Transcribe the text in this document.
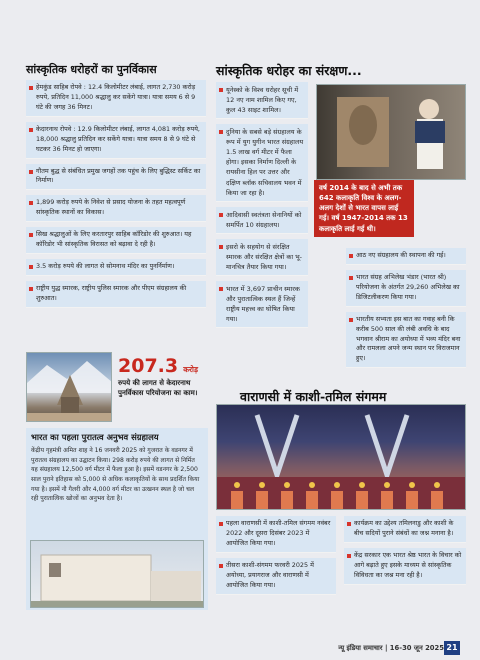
सांस्कृतिक धरोहरों का पुनर्विकास
हेमकुंड साहिब रोपवे : 12.4 किलोमीटर लंबाई, लागत 2,730 करोड़ रुपये, प्रतिदिन 11,000 श्रद्धालु कर सकेंगे यात्रा। यात्रा समय 6 से 9 घंटे की जगह 36 मिनट।
केदारनाथ रोपवे : 12.9 किलोमीटर लंबाई, लागत 4,081 करोड़ रुपये, 18,000 श्रद्धालु प्रतिदिन कर सकेंगे यात्रा। यात्रा समय 8 से 9 घंटे से घटकर 36 मिनट हो जाएगा।
गौतम बुद्ध से संबंधित प्रमुख जगहों तक पहुंच के लिए बुद्धिस्ट सर्किट का निर्माण।
1,899 करोड़ रुपये के निवेश से प्रसाद योजना के तहत महत्वपूर्ण सांस्कृतिक स्थानों का विकास।
सिख श्रद्धालुओं के लिए करतारपुर साहिब कॉरिडोर की शुरुआत। यह कॉरिडोर भी सांस्कृतिक विरासत को बढ़ावा दे रही है।
3.5 करोड़ रुपये की लागत से सोमनाथ मंदिर का पुनर्निर्माण।
राष्ट्रीय युद्ध स्मारक, राष्ट्रीय पुलिस स्मारक और पीएम संग्रहालय की शुरुआत।
207.3 करोड़
रुपये की लागत से केदारनाथ पुनर्विकास परियोजना का काम।
भारत का पहला पुरातत्व अनुभव संग्रहालय
केंद्रीय गृहमंत्री अमित शाह ने 16 जनवरी 2025 को गुजरात के वडनगर में पुरातत्व संग्रहालय का उद्घाटन किया। 298 करोड़ रुपये की लागत से निर्मित यह संग्रहालय 12,500 वर्ग मीटर में फैला हुआ है। इसमें वडनगर के 2,500 साल पुराने इतिहास को 5,000 से अधिक कलाकृतियों के साथ प्रदर्शित किया गया है। इसमें नौ गैलरी और 4,000 वर्ग मीटर का उत्खनन स्थल है जो चल रही पुरातात्विक खोजों का अनुभव देता है।
सांस्कृतिक धरोहर का संरक्षण...
यूनेस्को के विश्व धरोहर सूची में 12 नए नाम शामिल किए गए, कुल 43 साइट शामिल।
दुनिया के सबसे बड़े संग्रहालय के रूप में युग युगीन भारत संग्रहालय 1.5 लाख वर्ग मीटर में फैला होगा। इसका निर्माण दिल्ली के रायसीना हिल पर उत्तर और दक्षिण ब्लॉक सचिवालय भवन में किया जा रहा है।
आदिवासी स्वतंत्रता सेनानियों को समर्पित 10 संग्रहालय।
इसरो के सहयोग से संरक्षित स्मारक और संरक्षित क्षेत्रों का भू-मानचित्र तैयार किया गया।
भारत में 3,697 प्राचीन स्मारक और पुरातात्विक स्थल हैं जिन्हें राष्ट्रीय महत्त्व का घोषित किया गया।
वर्ष 2014 के बाद से अभी तक 642 कलाकृति विश्व के अलग-अलग देशों से भारत वापस लाई गई। वर्ष 1947-2014 तक 13 कलाकृति लाई गई थी।
आठ नए संग्रहालय की स्थापना की गई।
भारत संग्रह अभिलेख भंडार (भारत श्री) परियोजना के अंतर्गत 29,260 अभिलेख का डिजिटलीकरण किया गया।
भारतीय सभ्यता इस बात का गवाह बनी कि करीब 500 साल की लंबी अवधि के बाद भगवान श्रीराम का अयोध्या में भव्य मंदिर बना और रामलला अपने जन्म स्थान पर विराजमान हुए।
वाराणसी में काशी-तमिल संगमम
पहला वाराणसी में काशी-तमिल संगमम नवंबर 2022 और दूसरा दिसंबर 2023 में आयोजित किया गया।
तीसरा काशी-संगमम फरवरी 2025 में अयोध्या, प्रयागराज और वाराणसी में आयोजित किया गया।
कार्यक्रम का उद्देश्य तमिलनाडु और काशी के बीच सदियों पुराने संबंधों का जश्न मनाना है।
केंद्र सरकार एक भारत श्रेष्ठ भारत के विचार को आगे बढ़ाते हुए इसके माध्यम से सांस्कृतिक विविधता का जश्न मना रही है।
न्यू इंडिया समाचार | 16-30 जून 2025 21
